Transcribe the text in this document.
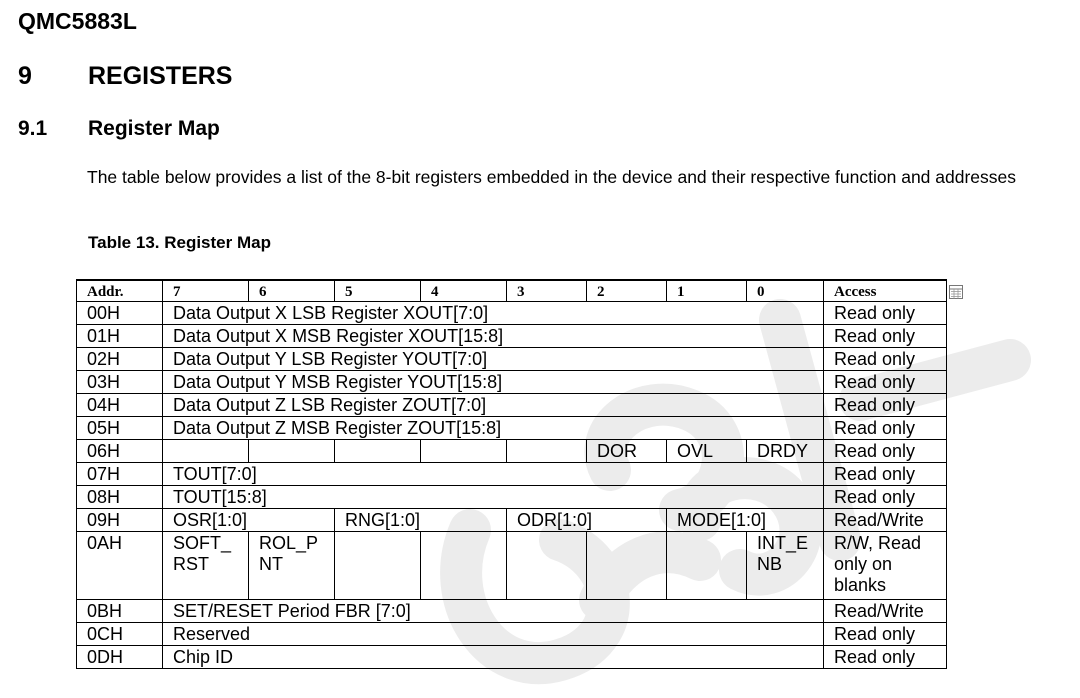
QMC5883L
9 REGISTERS
9.1 Register Map
The table below provides a list of the 8-bit registers embedded in the device and their respective function and addresses
Table 13. Register Map
Addr.	7	6	5	4	3	2	1	0	Access
00H	Data Output X LSB Register XOUT[7:0]								Read only
01H	Data Output X MSB Register XOUT[15:8]								Read only
02H	Data Output Y LSB Register YOUT[7:0]								Read only
03H	Data Output Y MSB Register YOUT[15:8]								Read only
04H	Data Output Z LSB Register ZOUT[7:0]								Read only
05H	Data Output Z MSB Register ZOUT[15:8]								Read only
06H						DOR	OVL	DRDY	Read only
07H	TOUT[7:0]								Read only
08H	TOUT[15:8]								Read only
09H	OSR[1:0]		RNG[1:0]		ODR[1:0]		MODE[1:0]		Read/Write
0AH	SOFT_ RST	ROL_P NT						INT_E NB	R/W, Read only on blanks
0BH	SET/RESET Period FBR [7:0]								Read/Write
0CH	Reserved								Read only
0DH	Chip ID								Read only
